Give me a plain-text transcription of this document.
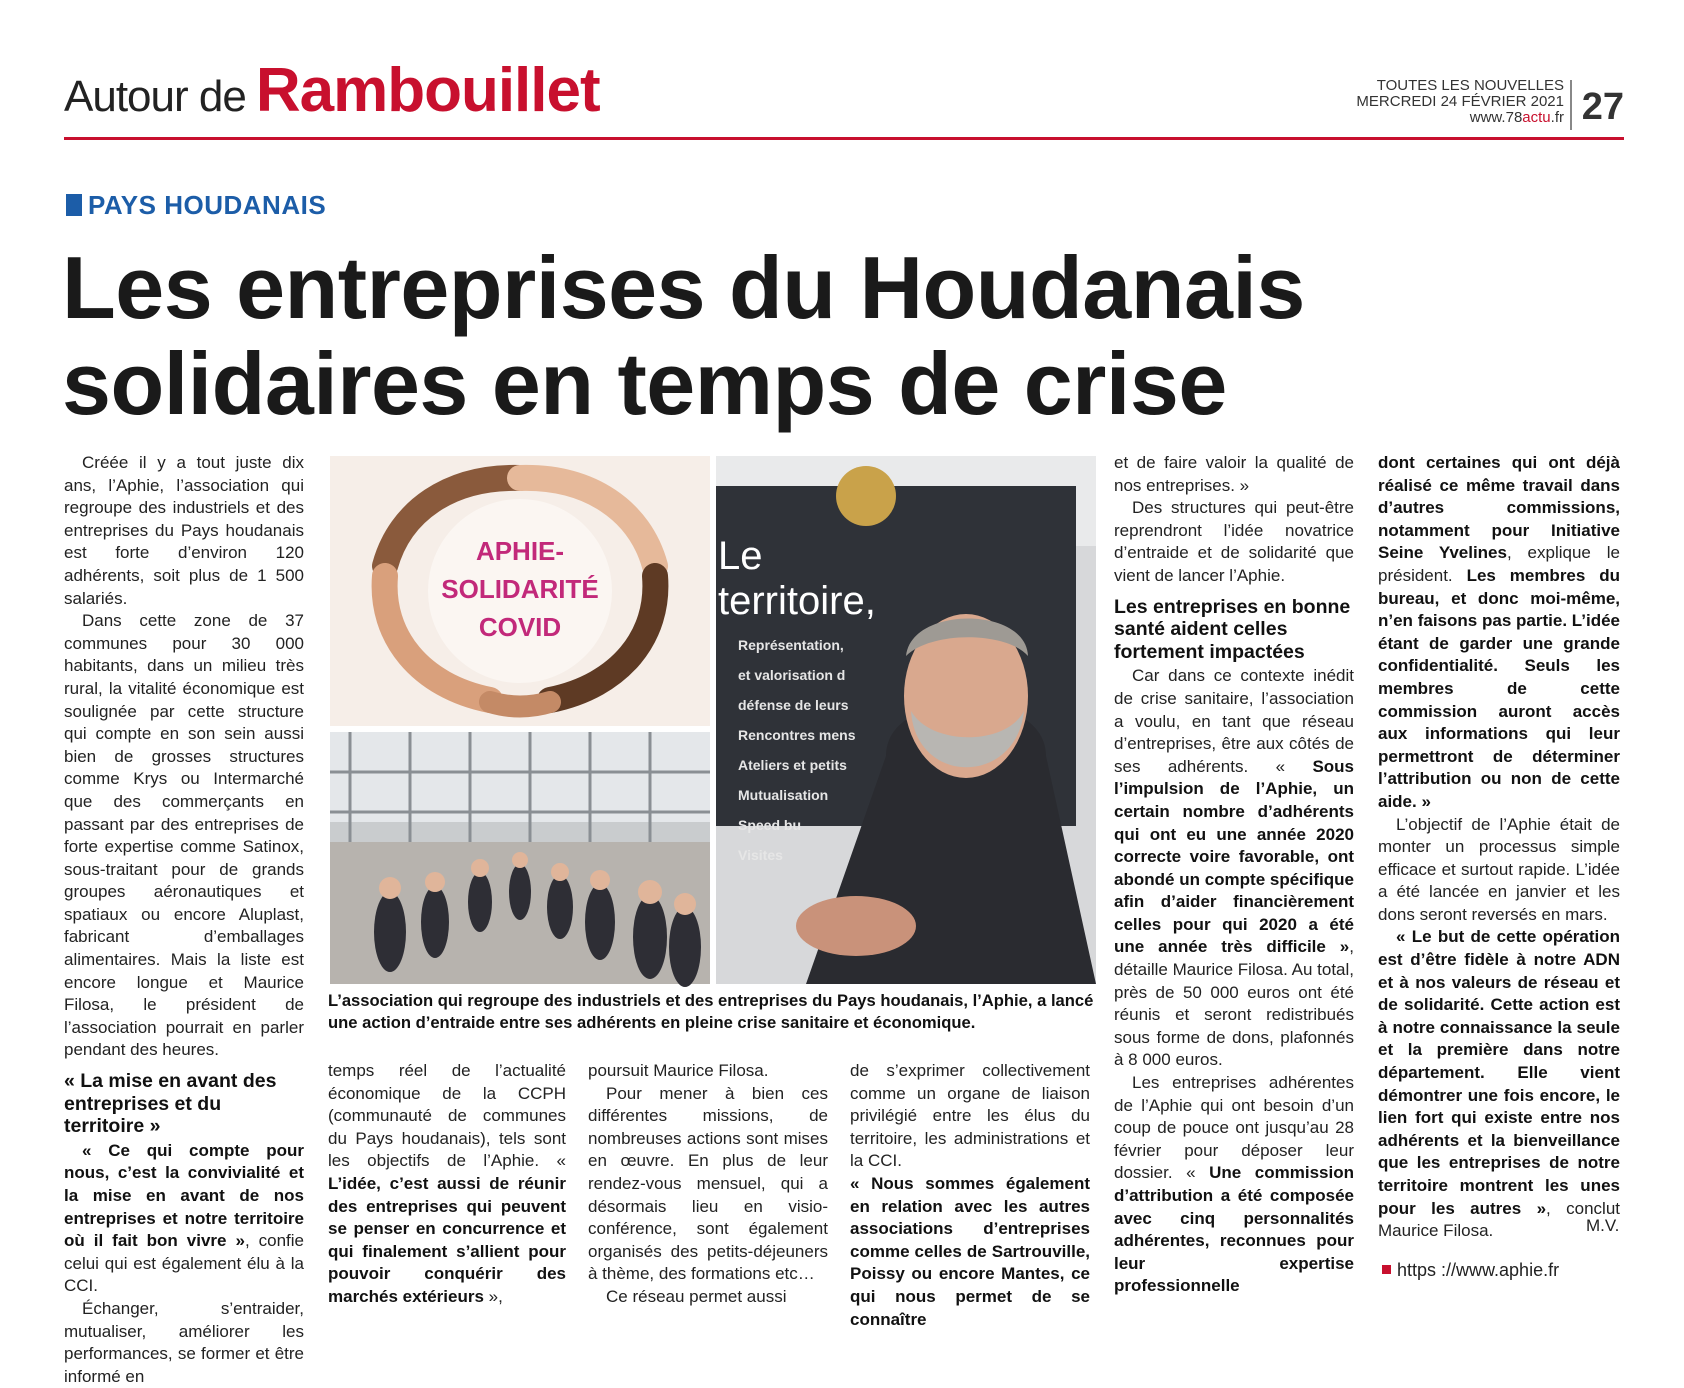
Autour de Rambouillet	TOUTES LES NOUVELLES
MERCREDI 24 FÉVRIER 2021
www.78actu.fr 27
PAYS HOUDANAIS
Les entreprises du Houdanais
solidaires en temps de crise

Créée il y a tout juste dix ans, l’Aphie, l’association qui regroupe des industriels et des entreprises du Pays houdanais est forte d’environ 120 adhérents, soit plus de 1 500 salariés.

Dans cette zone de 37 communes pour 30 000 habitants, dans un milieu très rural, la vitalité économique est soulignée par cette structure qui compte en son sein aussi bien de grosses structures comme Krys ou Intermarché que des commerçants en passant par des entreprises de forte expertise comme Satinox, sous-traitant pour de grands groupes aéronautiques et spatiaux ou encore Aluplast, fabricant d’emballages alimentaires. Mais la liste est encore longue et Maurice Filosa, le président de l’association pourrait en parler pendant des heures.

« La mise en avant des entreprises et du territoire »

« Ce qui compte pour nous, c’est la convivialité et la mise en avant de nos entreprises et notre territoire où il fait bon vivre », confie celui qui est également élu à la CCI.

Échanger, s’entraider, mutualiser, améliorer les performances, se former et être informé en

APHIE-
SOLIDARITÉ
COVID
Le territoire,
Représentation,
et valorisation d
défense de leurs
Rencontres mens
Ateliers et petits
Mutualisation
Speed bu
Visites
L’association qui regroupe des industriels et des entreprises du Pays houdanais, l’Aphie, a lancé une action d’entraide entre ses adhérents en pleine crise sanitaire et économique.

temps réel de l’actualité économique de la CCPH (communauté de communes du Pays houdanais), tels sont les objectifs de l’Aphie. « L’idée, c’est aussi de réunir des entreprises qui peuvent se penser en concurrence et qui finalement s’allient pour pouvoir conquérir des marchés extérieurs »,

poursuit Maurice Filosa.

Pour mener à bien ces différentes missions, de nombreuses actions sont mises en œuvre. En plus de leur rendez-vous mensuel, qui a désormais lieu en visio-conférence, sont également organisés des petits-déjeuners à thème, des formations etc…

Ce réseau permet aussi

de s’exprimer collectivement comme un organe de liaison privilégié entre les élus du territoire, les administrations et la CCI.

« Nous sommes également en relation avec les autres associations d’entreprises comme celles de Sartrouville, Poissy ou encore Mantes, ce qui nous permet de se connaître

et de faire valoir la qualité de nos entreprises. »

Des structures qui peut-être reprendront l’idée novatrice d’entraide et de solidarité que vient de lancer l’Aphie.

Les entreprises en bonne santé aident celles fortement impactées

Car dans ce contexte inédit de crise sanitaire, l’association a voulu, en tant que réseau d’entreprises, être aux côtés de ses adhérents. « Sous l’impulsion de l’Aphie, un certain nombre d’adhérents qui ont eu une année 2020 correcte voire favorable, ont abondé un compte spécifique afin d’aider financièrement celles pour qui 2020 a été une année très difficile », détaille Maurice Filosa. Au total, près de 50 000 euros ont été réunis et seront redistribués sous forme de dons, plafonnés à 8 000 euros.

Les entreprises adhérentes de l’Aphie qui ont besoin d’un coup de pouce ont jusqu’au 28 février pour déposer leur dossier. « Une commission d’attribution a été composée avec cinq personnalités adhérentes, reconnues pour leur expertise professionnelle

dont certaines qui ont déjà réalisé ce même travail dans d’autres commissions, notamment pour Initiative Seine Yvelines, explique le président. Les membres du bureau, et donc moi-même, n’en faisons pas partie. L’idée étant de garder une grande confidentialité. Seuls les membres de cette commission auront accès aux informations qui leur permettront de déterminer l’attribution ou non de cette aide. »

L’objectif de l’Aphie était de monter un processus simple efficace et surtout rapide. L’idée a été lancée en janvier et les dons seront reversés en mars.

« Le but de cette opération est d’être fidèle à notre ADN et à nos valeurs de réseau et de solidarité. Cette action est à notre connaissance la seule et la première dans notre département. Elle vient démontrer une fois encore, le lien fort qui existe entre nos adhérents et la bienveillance que les entreprises de notre territoire montrent les unes pour les autres », conclut Maurice Filosa.	M.V.
https ://www.aphie.fr
